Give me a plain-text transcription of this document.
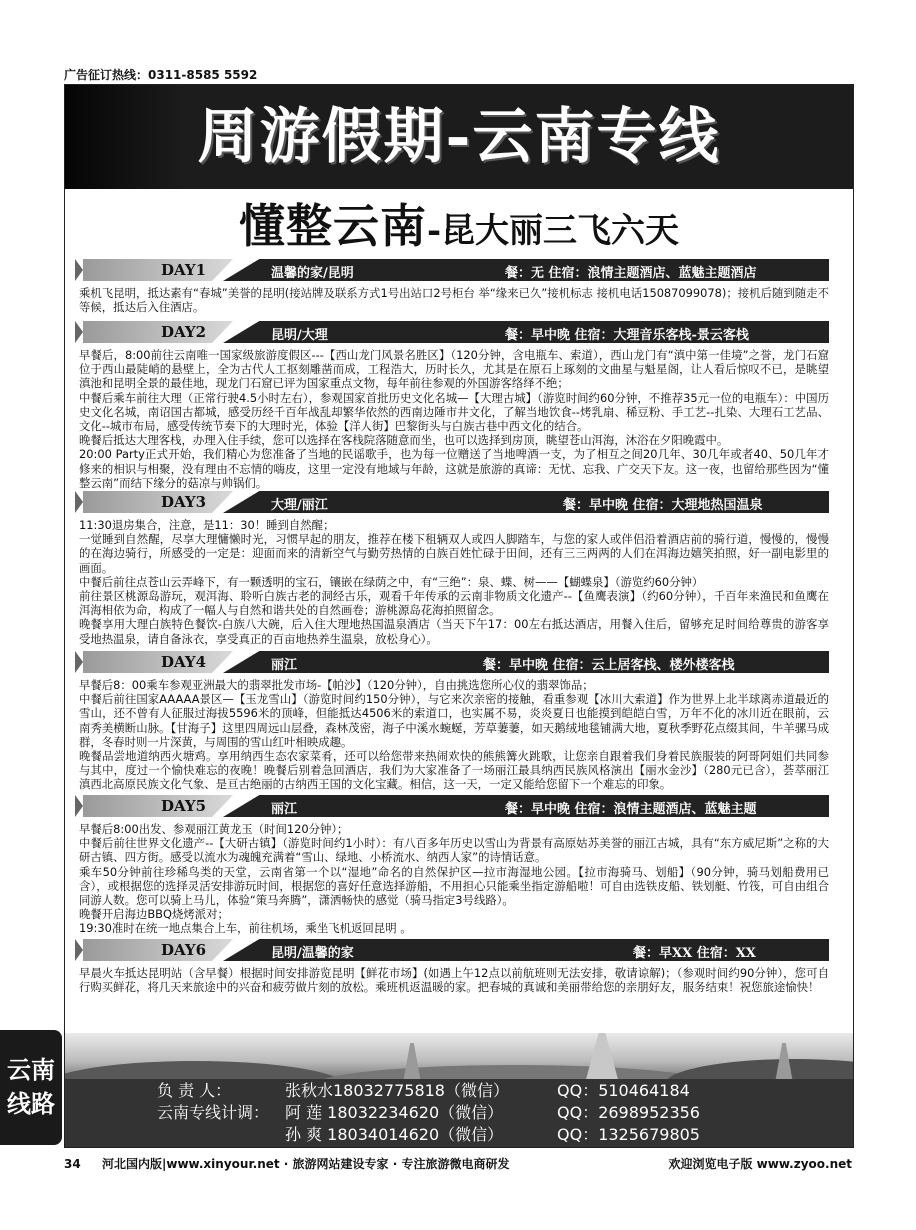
广告征订热线：0311-8585 5592
周游假期-云南专线
懂整云南-昆大丽三飞六天
DAY1	温馨的家/昆明	餐：无 住宿：浪情主题酒店、蓝魅主题酒店

乘机飞昆明，抵达素有“春城”美誉的昆明(接站牌及联系方式1号出站口2号柜台 举“缘来已久”接机标志 接机电话15087099078)；接机后随到随走不等候，抵达后入住酒店。

DAY2	昆明/大理	餐：早中晚 住宿：大理音乐客栈-景云客栈

早餐后，8:00前往云南唯一国家级旅游度假区---【西山龙门风景名胜区】（120分钟，含电瓶车、索道），西山龙门有“滇中第一佳境”之誉，龙门石窟位于西山最陡峭的悬壁上，全为古代人工抠刻雕凿而成，工程浩大，历时长久，尤其是在原石上琢刻的文曲星与魁星阁，让人看后惊叹不已，是眺望滇池和昆明全景的最佳地，现龙门石窟已评为国家重点文物，每年前往参观的外国游客络绎不绝；

中餐后乘车前往大理（正常行驶4.5小时左右），参观国家首批历史文化名城—【大理古城】（游览时间约60分钟，不推荐35元一位的电瓶车）：中国历史文化名城，南诏国古都城，感受历经千百年战乱却繁华依然的西南边陲市井文化，了解当地饮食--烤乳扇、稀豆粉、手工艺--扎染、大理石工艺品、文化--城市布局，感受传统节奏下的大理时光，体验【洋人街】巴黎街头与白族古巷中西文化的结合。

晚餐后抵达大理客栈，办理入住手续，您可以选择在客栈院落随意而坐，也可以选择到房顶，眺望苍山洱海，沐浴在夕阳晚霞中。

20:00 Party正式开始，我们精心为您准备了当地的民谣歌手，也为每一位赠送了当地啤酒一支，为了相互之间20几年、30几年或者40、50几年才修来的相识与相聚，没有理由不忘情的嗨皮，这里一定没有地域与年龄，这就是旅游的真谛：无忧、忘我、广交天下友。这一夜，也留给那些因为“懂整云南”而结下缘分的菇凉与帅锅们。

DAY3	大理/丽江	餐：早中晚 住宿：大理地热国温泉

11:30退房集合，注意，是11：30！睡到自然醒；

一觉睡到自然醒，尽享大理慵懒时光，习惯早起的朋友，推荐在楼下租辆双人或四人脚踏车，与您的家人或伴侣沿着酒店前的骑行道，慢慢的，慢慢的在海边骑行，所感受的一定是：迎面而来的清新空气与勤劳热情的白族百姓忙碌于田间，还有三三两两的人们在洱海边嬉笑拍照，好一副电影里的画面。

中餐后前往点苍山云弄峰下，有一颗透明的宝石，镶嵌在绿荫之中，有“三绝”：泉、蝶、树——【蝴蝶泉】（游览约60分钟）

前往景区桃源岛游玩，观洱海、聆听白族古老的洞经古乐，观看千年传承的云南非物质文化遗产--【鱼鹰表演】（约60分钟），千百年来渔民和鱼鹰在洱海相依为命，构成了一幅人与自然和谐共处的自然画卷；游桃源岛花海拍照留念。

晚餐享用大理白族特色餐饮-白族八大碗，后入住大理地热国温泉酒店（当天下午17：00左右抵达酒店，用餐入住后，留够充足时间给尊贵的游客享受地热温泉，请自备泳衣，享受真正的百亩地热养生温泉，放松身心）。

DAY4	丽江	餐：早中晚 住宿：云上居客栈、楼外楼客栈

早餐后8：00乘车参观亚洲最大的翡翠批发市场-【帕沙】（120分钟），自由挑选您所心仪的翡翠饰品；

中餐后前往国家AAAAA景区—【玉龙雪山】（游览时间约150分钟），与它来次亲密的接触，看重参观【冰川大索道】作为世界上北半球离赤道最近的雪山，还不曾有人征服过海拔5596米的顶峰，但能抵达4506米的索道口，也实属不易，炎炎夏日也能摸到皑皑白雪，万年不化的冰川近在眼前，云南秀美横断山脉。【甘海子】这里四周远山层叠，森林茂密，海子中溪水蜿蜒，芳草萋萋，如天鹅绒地毯铺满大地，夏秋季野花点缀其间，牛羊骡马成群，冬春时则一片深黄，与周围的雪山红叶相映成趣。

晚餐品尝地道纳西火塘鸡。享用纳西生态农家菜肴，还可以给您带来热闹欢快的熊熊篝火跳歌，让您亲自跟着我们身着民族服装的阿哥阿姐们共同参与其中，度过一个愉快难忘的夜晚！晚餐后别着急回酒店，我们为大家准备了一场丽江最具纳西民族风格演出【丽水金沙】（280元已含），荟萃丽江滇西北高原民族文化气象、是亘古绝丽的古纳西王国的文化宝藏。相信，这一天，一定又能给您留下一个难忘的印象。

DAY5	丽江	餐：早中晚 住宿：浪情主题酒店、蓝魅主题

早餐后8:00出发、参观丽江黄龙玉（时间120分钟）；

中餐后前往世界文化遗产--【大研古镇】（游览时间约1小时）：有八百多年历史以雪山为背景有高原姑苏美誉的丽江古城，具有“东方威尼斯”之称的大研古镇、四方街。感受以流水为魂魄充满着“雪山、绿地、小桥流水、纳西人家”的诗情话意。

乘车50分钟前往珍稀鸟类的天堂，云南省第一个以“湿地”命名的自然保护区—拉市海湿地公园。【拉市海骑马、划船】（90分钟，骑马划船费用已含），或根据您的选择灵活安排游玩时间，根据您的喜好任意选择游船，不用担心只能乘坐指定游船啦！可自由选铁皮船、铁划艇、竹筏，可自由组合同游人数。您可以骑上马儿，体验“策马奔腾”，潇洒畅快的感觉（骑马指定3号线路）。

晚餐开启海边BBQ烧烤派对；

19:30准时在统一地点集合上车，前往机场，乘坐飞机返回昆明 。

DAY6	昆明/温馨的家	餐：早XX 住宿：XX

早晨火车抵达昆明站（含早餐）根据时间安排游览昆明【鲜花市场】(如遇上午12点以前航班则无法安排，敬请谅解)；（参观时间约90分钟），您可自行购买鲜花，将几天来旅途中的兴奋和疲劳做片刻的放松。乘班机返温暖的家。把春城的真诚和美丽带给您的亲朋好友，服务结束！祝您旅途愉快！

负 责 人：	张秋水18032775818（微信）	QQ：510464184
云南专线计调： 阿 莲 18032234620（微信）	QQ：2698952356
孙 爽 18034014620（微信）	QQ：1325679805
云南
线路
34 河北国内版|www.xinyour.net · 旅游网站建设专家 · 专注旅游微电商研发	欢迎浏览电子版 www.zyoo.net
